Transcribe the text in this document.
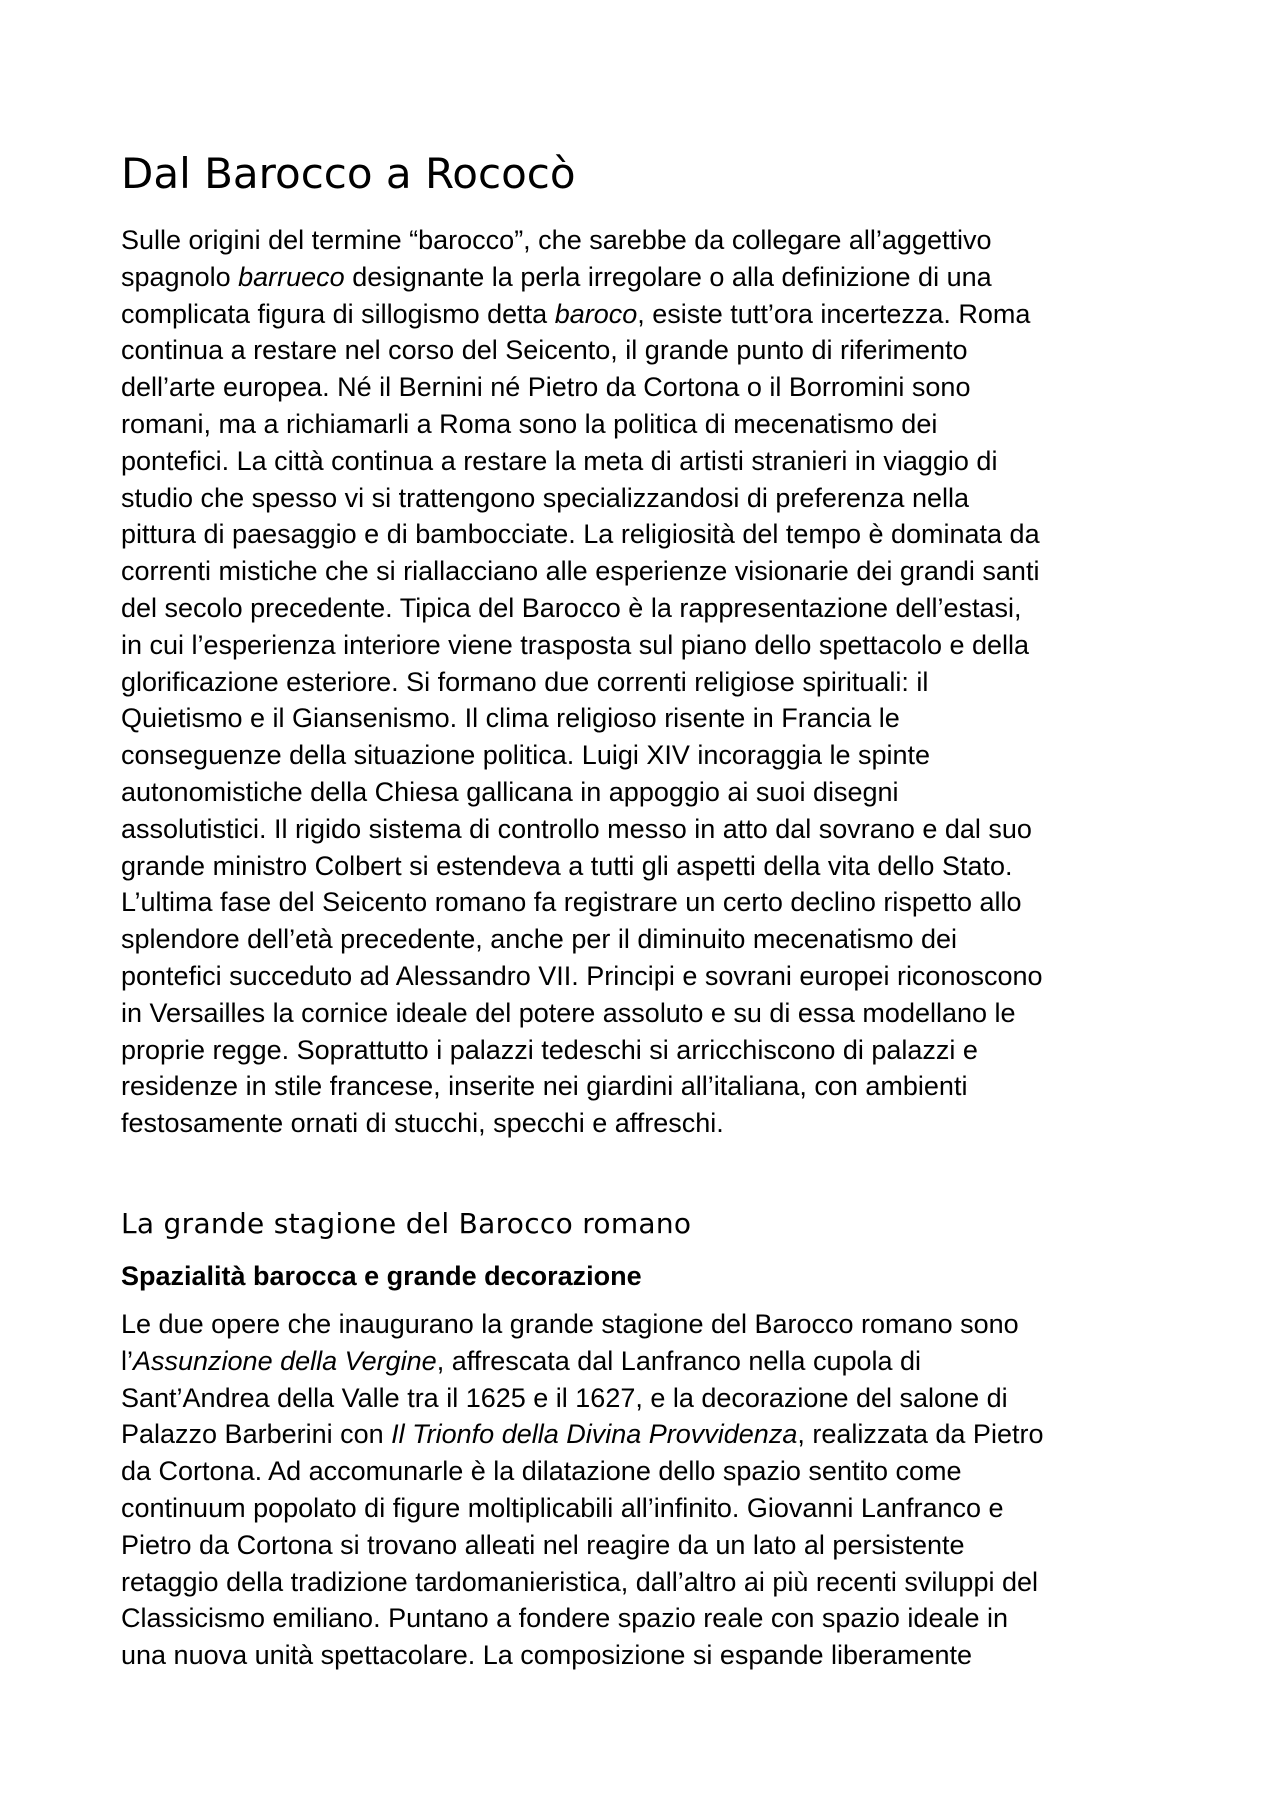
Dal Barocco a Rococò
Sulle origini del termine “barocco”, che sarebbe da collegare all’aggettivo
spagnolo barrueco designante la perla irregolare o alla definizione di una
complicata figura di sillogismo detta baroco, esiste tutt’ora incertezza. Roma
continua a restare nel corso del Seicento, il grande punto di riferimento
dell’arte europea. Né il Bernini né Pietro da Cortona o il Borromini sono
romani, ma a richiamarli a Roma sono la politica di mecenatismo dei
pontefici. La città continua a restare la meta di artisti stranieri in viaggio di
studio che spesso vi si trattengono specializzandosi di preferenza nella
pittura di paesaggio e di bambocciate. La religiosità del tempo è dominata da
correnti mistiche che si riallacciano alle esperienze visionarie dei grandi santi
del secolo precedente. Tipica del Barocco è la rappresentazione dell’estasi,
in cui l’esperienza interiore viene trasposta sul piano dello spettacolo e della
glorificazione esteriore. Si formano due correnti religiose spirituali: il
Quietismo e il Giansenismo. Il clima religioso risente in Francia le
conseguenze della situazione politica. Luigi XIV incoraggia le spinte
autonomistiche della Chiesa gallicana in appoggio ai suoi disegni
assolutistici. Il rigido sistema di controllo messo in atto dal sovrano e dal suo
grande ministro Colbert si estendeva a tutti gli aspetti della vita dello Stato.
L’ultima fase del Seicento romano fa registrare un certo declino rispetto allo
splendore dell’età precedente, anche per il diminuito mecenatismo dei
pontefici succeduto ad Alessandro VII. Principi e sovrani europei riconoscono
in Versailles la cornice ideale del potere assoluto e su di essa modellano le
proprie regge. Soprattutto i palazzi tedeschi si arricchiscono di palazzi e
residenze in stile francese, inserite nei giardini all’italiana, con ambienti
festosamente ornati di stucchi, specchi e affreschi.
La grande stagione del Barocco romano
Spazialità barocca e grande decorazione
Le due opere che inaugurano la grande stagione del Barocco romano sono
l’Assunzione della Vergine, affrescata dal Lanfranco nella cupola di
Sant’Andrea della Valle tra il 1625 e il 1627, e la decorazione del salone di
Palazzo Barberini con Il Trionfo della Divina Provvidenza, realizzata da Pietro
da Cortona. Ad accomunarle è la dilatazione dello spazio sentito come
continuum popolato di figure moltiplicabili all’infinito. Giovanni Lanfranco e
Pietro da Cortona si trovano alleati nel reagire da un lato al persistente
retaggio della tradizione tardomanieristica, dall’altro ai più recenti sviluppi del
Classicismo emiliano. Puntano a fondere spazio reale con spazio ideale in
una nuova unità spettacolare. La composizione si espande liberamente
